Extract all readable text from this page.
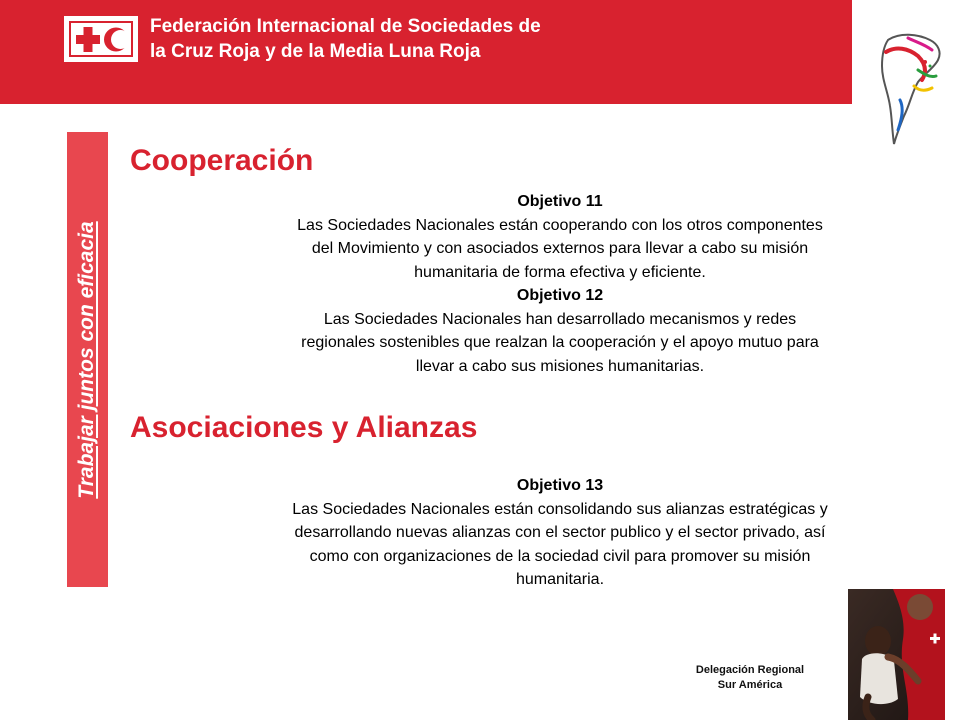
Federación Internacional de Sociedades de
la Cruz Roja y de la Media Luna Roja
Trabajar juntos con eficacia
Cooperación
Objetivo 11
Las Sociedades Nacionales están cooperando con los otros componentes
del Movimiento y con asociados externos para llevar a cabo su misión
humanitaria de forma efectiva y eficiente.
Objetivo 12
Las Sociedades Nacionales han desarrollado mecanismos y redes
regionales sostenibles que realzan la cooperación y el apoyo mutuo para
llevar a cabo sus misiones humanitarias.
Asociaciones y Alianzas
Objetivo 13
Las Sociedades Nacionales están consolidando sus alianzas estratégicas y
desarrollando nuevas alianzas con el sector publico y el sector privado, así
como con organizaciones de la sociedad civil para promover su misión
humanitaria.
Delegación Regional
Sur América
